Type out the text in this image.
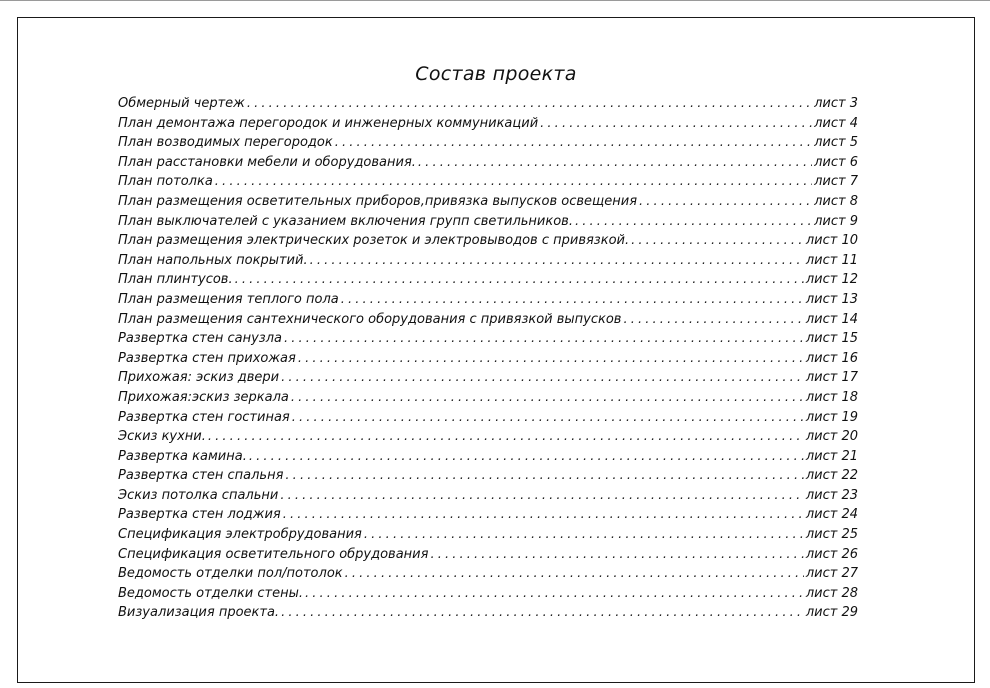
Состав проекта
Обмерный чертеж . . .	лист 3
План демонтажа перегородок и инженерных коммуникаций . . .	лист 4
План возводимых перегородок . . .	лист 5
План расстановки мебели и оборудования. . . .	лист 6
План потолка . . .	лист 7
План размещения осветительных приборов,привязка выпусков освещения . . .	лист 8
План выключателей с указанием включения групп светильников. . . .	лист 9
План размещения электрических розеток и электровыводов с привязкой. . . .	лист 10
План напольных покрытий. . . .	лист 11
План плинтусов. . . .	лист 12
План размещения теплого пола . . .	лист 13
План размещения сантехнического оборудования с привязкой выпусков . . .	лист 14
Развертка стен санузла . . .	лист 15
Развертка стен прихожая . . .	лист 16
Прихожая: эскиз двери . . .	лист 17
Прихожая:эскиз зеркала . . .	лист 18
Развертка стен гостиная . . .	лист 19
Эскиз кухни. . . .	лист 20
Развертка камина. . . .	лист 21
Развертка стен спальня . . .	лист 22
Эскиз потолка спальни . . .	лист 23
Развертка стен лоджия . . .	лист 24
Спецификация электробрудования . . .	лист 25
Спецификация осветительного обрудования . . .	лист 26
Ведомость отделки пол/потолок . . .	лист 27
Ведомость отделки стены. . . .	лист 28
Визуализация проекта. . . .	лист 29
